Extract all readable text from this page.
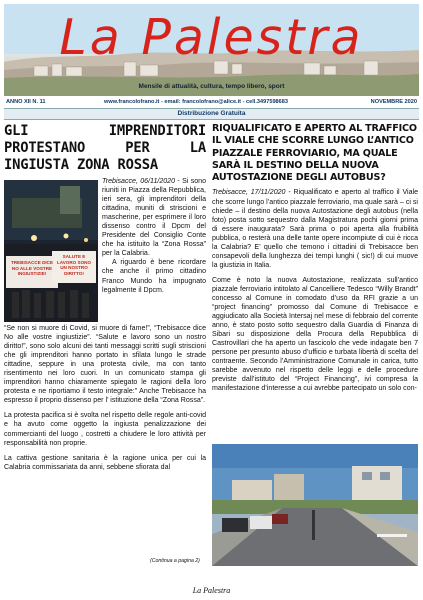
La Palestra
Mensile di attualità, cultura, tempo libero, sport
ANNO XII N. 11	www.francolofrano.it - email: francolofrano@alice.it - cell.3497598683	NOVEMBRE 2020
Distribuzione Gratuita
GLI IMPRENDITORI PROTESTANO PER LA INGIUSTA ZONA ROSSA

TREBISACCE DICE NO ALLE VOSTRE INGIUSTIZIE!
SALUTE E LAVORO SONO UN NOSTRO DIRITTO!
Trebisacce, 06/11/2020 - Si sono riuniti in Piazza della Repubblica, ieri sera, gli imprenditori della cittadina, muniti di striscioni e mascherine, per esprimere il loro dissenso contro il Dpcm del Presidente del Consiglio Conte che ha istituito la “Zona Rossa” per la Calabria.

A riguardo è bene ricordare che anche il primo cittadino Franco Mundo ha impugnato legalmente il Dpcm.

“Se non si muore di Covid, si muore di fame!”, “Trebisacce dice No alle vostre ingiustizie”. “Salute e lavoro sono un nostro diritto!”, sono solo alcuni dei tanti messaggi scritti sugli striscioni che gli imprenditori hanno portato in sfilata lungo le strade cittadine, seppure in una protesta civile, ma con tanto risentimento nei loro cuori. In un comunicato stampa gli imprenditori hanno chiaramente spiegato le ragioni della loro protesta e ne riportiamo il testo integrale:” Anche Trebisacce ha espresso il proprio dissenso per l’ istituzione della “Zona Rossa”.

La protesta pacifica si è svolta nel rispetto delle regole anti-covid e ha avuto come oggetto la ingiusta penalizzazione dei commercianti del luogo , costretti a chiudere le loro attività per responsabilità non proprie.

La cattiva gestione sanitaria è la ragione unica per cui la Calabria commissariata da anni, sebbene sfiorata dal

(Continua a pagina 2)
RIQUALIFICATO E APERTO AL TRAFFICO IL VIALE CHE SCORRE LUNGO L’ANTICO PIAZZALE FERROVIARIO, MA QUALE SARÀ IL DESTINO DELLA NUOVA AUTOSTAZIONE DEGLI AUTOBUS?

Trebisacce, 17/11/2020 - Riqualificato e aperto al traffico il Viale che scorre lungo l’antico piazzale ferroviario, ma quale sarà – ci si chiede – il destino della nuova Autostazione degli autobus (nella foto) posta sotto sequestro dalla Magistratura pochi giorni prima di essere inaugurata? Sarà prima o poi aperta alla fruibilità pubblica, o resterà una delle tante opere incompiute di cui è ricca la Calabria? E’ quello che temono i cittadini di Trebisacce ben consapevoli della lunghezza dei tempi lunghi ( sic!) di cui muove la giustizia in Italia.

Come è noto la nuova Autostazione, realizzata sull’antico piazzale ferroviario intitolato al Cancelliere Tedesco “Willy Brandt” concesso al Comune in comodato d’uso da RFI grazie a un “project financing” promosso dal Comune di Trebisacce e aggiudicato alla Società Intersaj nel mese di febbraio del corrente anno, è stato posto sotto sequestro dalla Guardia di Finanza di Sibari su disposizione della Procura della Repubblica di Castrovillari che ha aperto un fascicolo che vede indagate ben 7 persone per presunto abuso d’ufficio e turbata libertà di scelta del contraente. Secondo l’Amministrazione Comunale in carica, tutto sarebbe avvenuto nel rispetto delle leggi e delle procedure previste dall’istituto del “Project Financing”, ivi compresa la manifestazione d’interesse a cui avrebbe partecipato un solo con-

La Palestra
